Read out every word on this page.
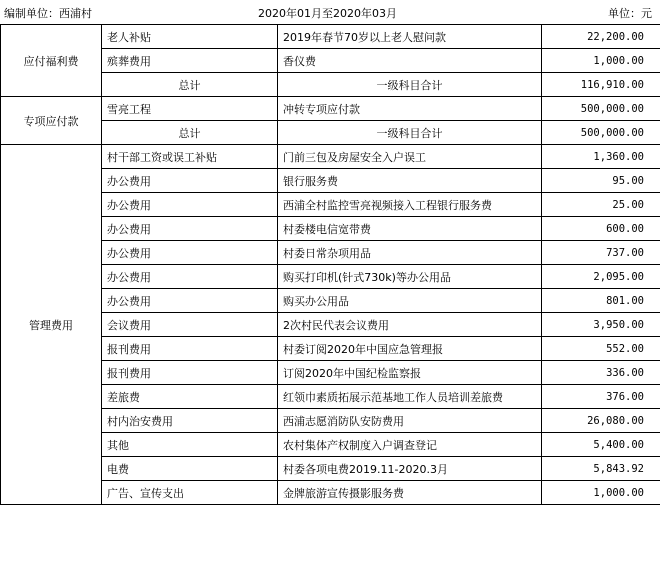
编制单位：西浦村	2020年01月至2020年03月	单位：元
应付福利费	老人补贴	2019年春节70岁以上老人慰问款	22,200.00
	殡葬费用	香仪费	1,000.00
	总计	一级科目合计	116,910.00
专项应付款	雪亮工程	冲转专项应付款	500,000.00
	总计	一级科目合计	500,000.00
管理费用	村干部工资或误工补贴	门前三包及房屋安全入户误工	1,360.00
	办公费用	银行服务费	95.00
	办公费用	西浦全村监控雪亮视频接入工程银行服务费	25.00
	办公费用	村委楼电信宽带费	600.00
	办公费用	村委日常杂项用品	737.00
	办公费用	购买打印机(针式730k)等办公用品	2,095.00
	办公费用	购买办公用品	801.00
	会议费用	2次村民代表会议费用	3,950.00
	报刊费用	村委订阅2020年中国应急管理报	552.00
	报刊费用	订阅2020年中国纪检监察报	336.00
	差旅费	红领巾素质拓展示范基地工作人员培训差旅费	376.00
	村内治安费用	西浦志愿消防队安防费用	26,080.00
	其他	农村集体产权制度入户调查登记	5,400.00
	电费	村委各项电费2019.11-2020.3月	5,843.92
	广告、宣传支出	金牌旅游宣传摄影服务费	1,000.00
